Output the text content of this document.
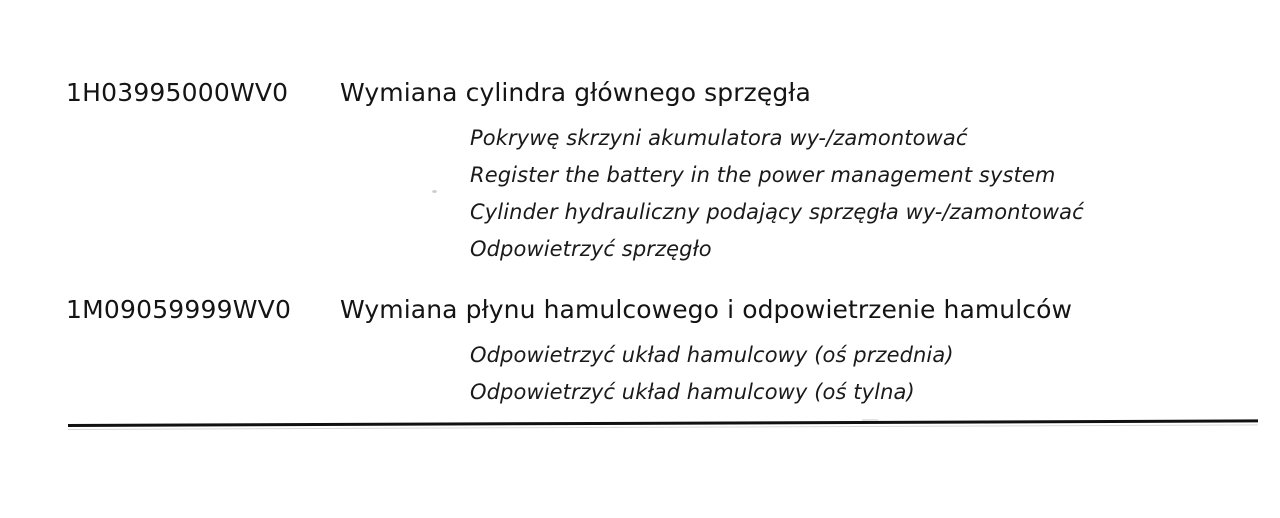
1H03995000WV0 Wymiana cylindra głównego sprzęgła
Pokrywę skrzyni akumulatora wy-/zamontować
Register the battery in the power management system
Cylinder hydrauliczny podający sprzęgła wy-/zamontować
Odpowietrzyć sprzęgło
1M09059999WV0 Wymiana płynu hamulcowego i odpowietrzenie hamulców
Odpowietrzyć układ hamulcowy (oś przednia)
Odpowietrzyć układ hamulcowy (oś tylna)
